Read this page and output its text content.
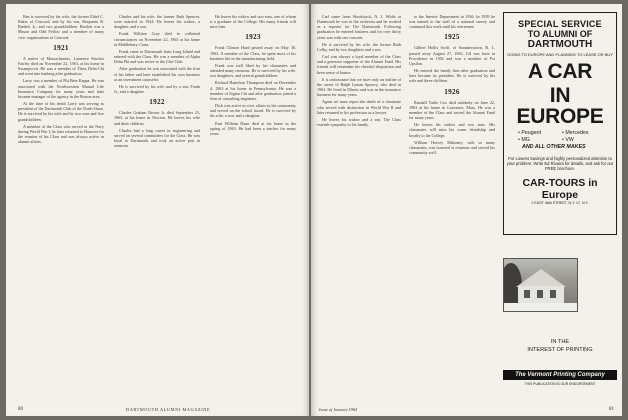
Ben is survived by his wife, the former Ethel C. Baker of Concord, and by his son, Benjamin B. Bartlett Jr., and two grandchildren. Bartlett was a Mason and Odd Fellow and a member of many civic organizations in Concord.

1921

A native of Massachusetts, Laurence Sinclair Fairley died on November 22, 1963, at his home in Swampscott. He was a member of Theta Delta Chi and went into banking after graduation.

Larry was a member of Phi Beta Kappa. He was associated with the Northwestern Mutual Life Insurance Company for many years and later became manager of the agency in the Boston area.

At the time of his death Larry was serving as president of the Dartmouth Club of the North Shore. He is survived by his wife and by two sons and five grandchildren.

A member of the Class who served in the Navy during World War I, he later returned to Hanover for the reunion of his Class and was always active in alumni affairs.

Charles and his wife, the former Ruth Spencer, were married in 1924. He leaves his widow, a daughter, and a son.

Frank William Gray died in collateral circumstances on November 22, 1963 at his home in Middlebury, Conn.

Frank came to Dartmouth from Long Island and entered with the Class. He was a member of Alpha Delta Phi and was active in the Glee Club.

After graduation he was associated with the firm of his father and later established his own business as an investment counselor.

He is survived by his wife and by a son, Frank Jr., and a daughter.

1922

Charles Graham Brown Jr. died September 23, 1963, at his home in Newton. He leaves his wife and three children.

Charles had a long career in engineering and served on several committees for the Class. He was loyal to Dartmouth and took an active part in reunions.

He leaves his widow and two sons, one of whom is a graduate of the College. His many friends will miss him.

1923

Frank Clinton Hurd passed away on May 30, 1963. A member of the Class, he spent most of his business life in the manufacturing field.

Frank was well liked by his classmates and attended many reunions. He is survived by his wife, two daughters, and several grandchildren.

Richard Hamilton Thompson died on December 4, 1963 at his home in Pennsylvania. He was a member of Sigma Chi and after graduation joined a firm of consulting engineers.

Dick was active in civic affairs in his community and served on the school board. He is survived by his wife, a son, and a daughter.

Paul William Dunn died at his home in the spring of 1963. He had been a teacher for many years.

80	DARTMOUTH ALUMNI MAGAZINE

Carl came from Woodstock, N. J. While at Dartmouth he was in the orchestra and he worked as a reporter for The Dartmouth. Following graduation he entered business and for over thirty years was with one concern.

He is survived by his wife, the former Ruth Colby, and by two daughters and a son.

Carl was always a loyal member of the Class and a generous supporter of the Alumni Fund. His friends will remember his cheerful disposition and keen sense of humor.

It is unfortunate that we have only an outline of the career of Ralph Lyman Spoerry, who died in 1963. He lived in Illinois and was in the insurance business for many years.

Again we must report the death of a classmate who served with distinction in World War II and later returned to his profession as a lawyer.

He leaves his widow and a son. The Class extends sympathy to his family.

to the Interior Department in 1936. In 1939 he was named to the staff of a national survey and continued this work until his retirement.

1925

Gilbert Hollis Swift, of Saunderstown, R. I., passed away August 27, 1963. Gil was born in Providence in 1902 and was a member of Psi Upsilon.

He entered the family firm after graduation and later became its president. He is survived by his wife and three children.

1926

Randall Tuttle Cox died suddenly on June 22, 1963 at his home in Lawrence, Mass. He was a member of the Class and served the Alumni Fund for many years.

He leaves his widow and two sons. His classmates will miss his warm friendship and loyalty to the College.

William Harvey Mahoney, with so many classmates, was honored at reunions and served his community well.

SPECIAL SERVICE
TO ALUMNI OF
DARTMOUTH
GOING TO EUROPE AND PLANNING TO LEASE OR BUY
A CAR
IN EUROPE
• Peugeot	• Mercedes
• MG	• VW
AND ALL OTHER MAKES
For Lowest Savings and highly personalized attention to your problem. Write Ed Rivaira for details, and ask for our FREE brochure.
CAR-TOURS in Europe
2 EAST 46th STREET, N.Y. 17, N.Y.
IN THE
INTEREST OF PRINTING
The Vermont Printing Company
THIS PUBLICATION IS OUR ENDORSEMENT
Issue of January 1964	81
